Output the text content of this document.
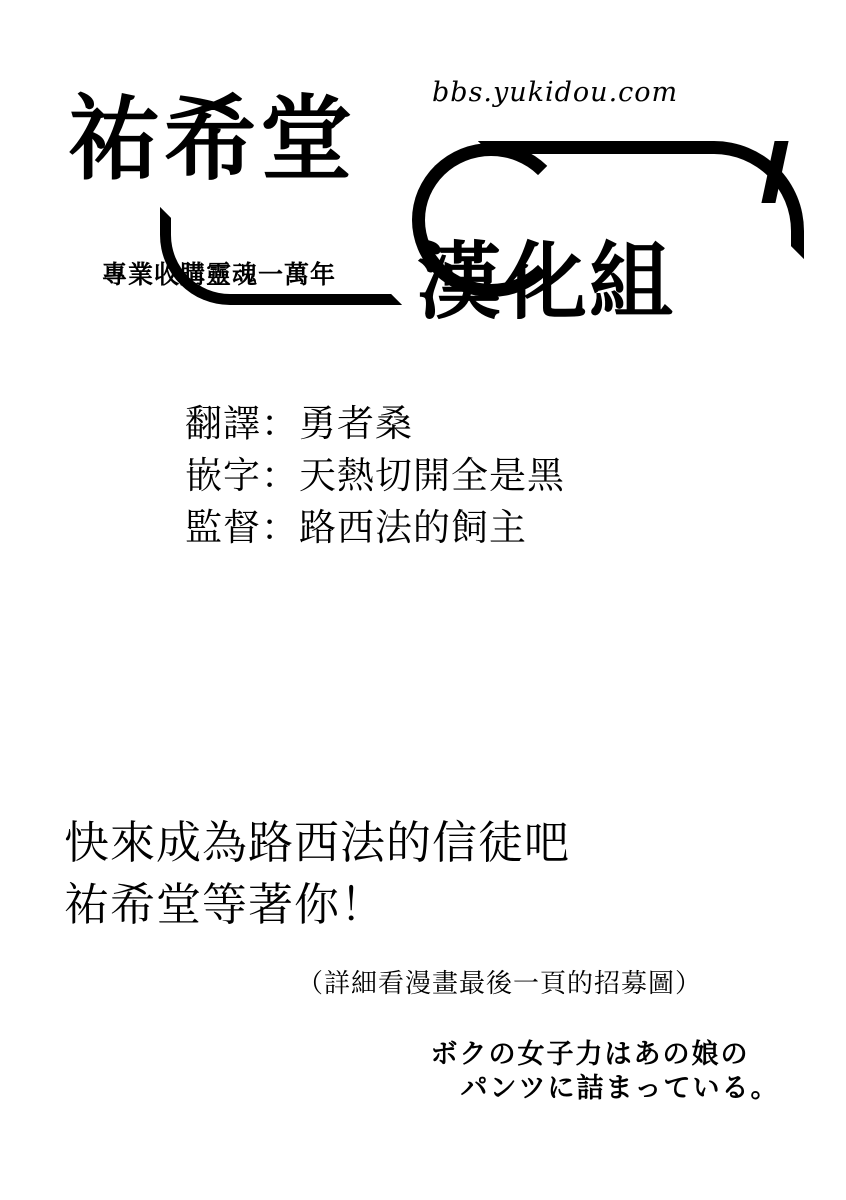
祐希堂
漢化組
bbs.yukidou.com
專業收購靈魂一萬年
翻譯：勇者桑
嵌字：天熱切開全是黑
監督：路西法的飼主
快來成為路西法的信徒吧
祐希堂等著你！
（詳細看漫畫最後一頁的招募圖）
ボクの女子力はあの娘の
パンツに詰まっている。
